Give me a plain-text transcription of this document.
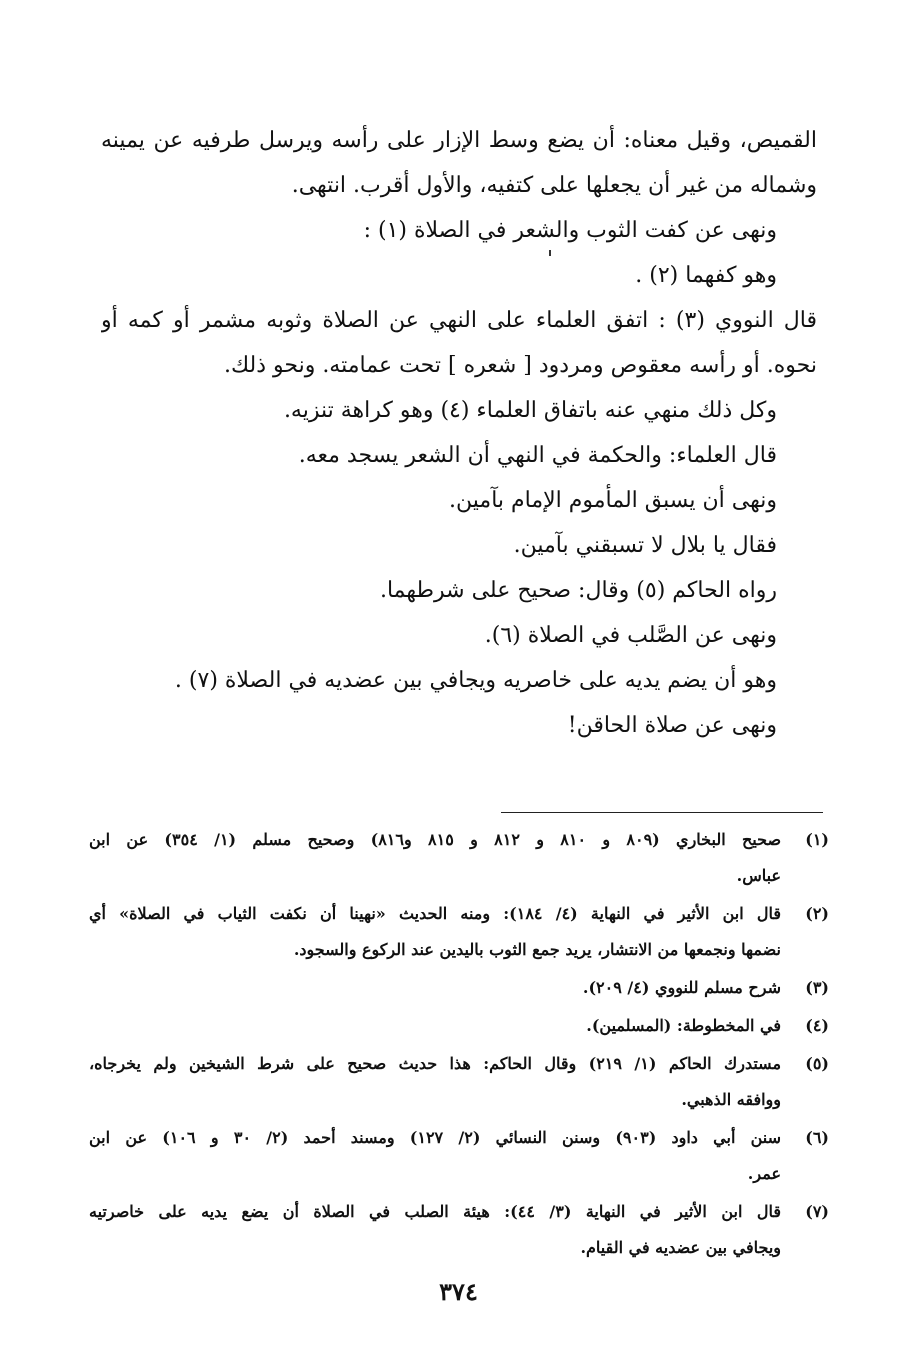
القميص، وقيل معناه: أن يضع وسط الإزار على رأسه ويرسل طرفيه عن يمينه
وشماله من غير أن يجعلها على كتفيه، والأول أقرب. انتهى.
ونهى عن كفت الثوب والشعر في الصلاة (١) :
وهو كفهما (٢) .
قال النووي (٣) : اتفق العلماء على النهي عن الصلاة وثوبه مشمر أو كمه أو
نحوه. أو رأسه معقوص ومردود [ شعره ] تحت عمامته. ونحو ذلك.
وكل ذلك منهي عنه باتفاق العلماء (٤) وهو كراهة تنزيه.
قال العلماء: والحكمة في النهي أن الشعر يسجد معه.
ونهى أن يسبق المأموم الإمام بآمين.
فقال يا بلال لا تسبقني بآمين.
رواه الحاكم (٥) وقال: صحيح على شرطهما.
ونهى عن الصَّلب في الصلاة (٦).
وهو أن يضم يديه على خاصريه ويجافي بين عضديه في الصلاة (٧) .
ونهى عن صلاة الحاقن!
(١)
صحيح البخاري (٨٠٩ و ٨١٠ و ٨١٢ و ٨١٥ و٨١٦) وصحيح مسلم (١/ ٣٥٤) عن ابن
عباس.
(٢)
قال ابن الأثير في النهاية (٤/ ١٨٤): ومنه الحديث «نهينا أن نكفت الثياب في الصلاة» أي
نضمها ونجمعها من الانتشار، يريد جمع الثوب باليدين عند الركوع والسجود.
(٣)
شرح مسلم للنووي (٤/ ٢٠٩).
(٤)
في المخطوطة: (المسلمين).
(٥)
مستدرك الحاكم (١/ ٢١٩) وقال الحاكم: هذا حديث صحيح على شرط الشيخين ولم يخرجاه،
ووافقه الذهبي.
(٦)
سنن أبي داود (٩٠٣) وسنن النسائي (٢/ ١٢٧) ومسند أحمد (٢/ ٣٠ و ١٠٦) عن ابن
عمر.
(٧)
قال ابن الأثير في النهاية (٣/ ٤٤): هيئة الصلب في الصلاة أن يضع يديه على خاصرتيه
ويجافي بين عضديه في القيام.
٣٧٤
